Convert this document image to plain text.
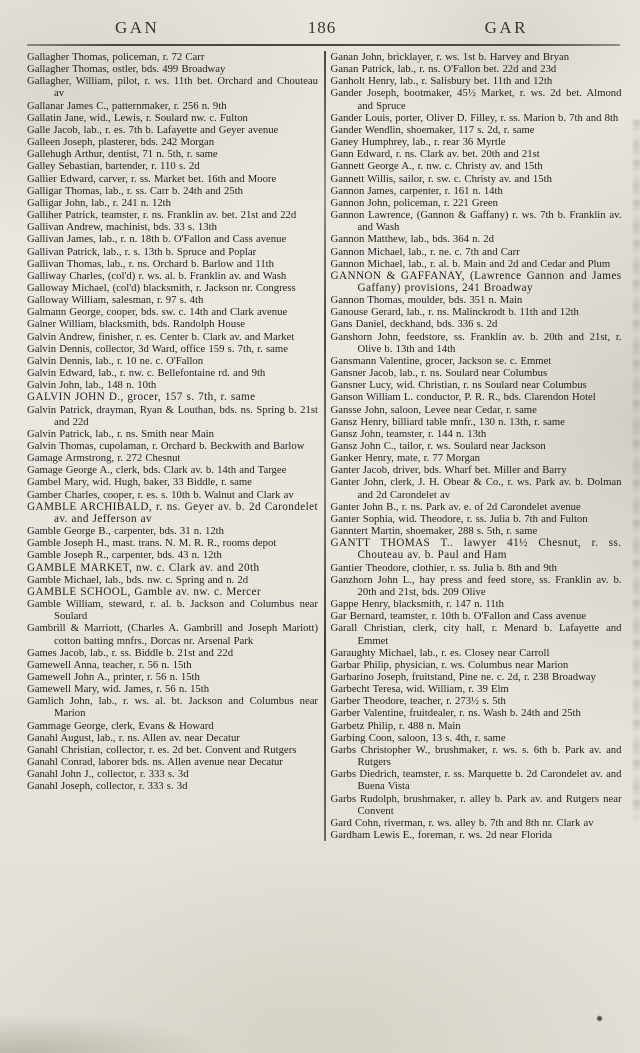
GAN	186	GAR
Gallagher Thomas, policeman, r. 72 Carr
Gallagher Thomas, ostler, bds. 499 Broadway
Gallagher, William, pilot, r. ws. 11th bet. Orchard and Chouteau av
Gallanar James C., patternmaker, r. 256 n. 9th
Gallatin Jane, wid., Lewis, r. Soulard nw. c. Fulton
Galle Jacob, lab., r. es. 7th b. Lafayette and Geyer avenue
Galleen Joseph, plasterer, bds. 242 Morgan
Gallehugh Arthur, dentist, 71 n. 5th, r. same
Galley Sebastian, bartender, r. 110 s. 2d
Gallier Edward, carver, r. ss. Market bet. 16th and Moore
Galligar Thomas, lab., r. ss. Carr b. 24th and 25th
Galligar John, lab., r. 241 n. 12th
Galliher Patrick, teamster, r. ns. Franklin av. bet. 21st and 22d
Gallivan Andrew, machinist, bds. 33 s. 13th
Gallivan James, lab., r. n. 18th b. O'Fallon and Cass avenue
Gallivan Patrick, lab., r. s. 13th b. Spruce and Poplar
Gallivan Thomas, lab., r. ns. Orchard b. Barlow and 11th
Galliway Charles, (col'd) r. ws. al. b. Franklin av. and Wash
Galloway Michael, (col'd) blacksmith, r. Jackson nr. Congress
Galloway William, salesman, r. 97 s. 4th
Galmann George, cooper, bds. sw. c. 14th and Clark avenue
Galner William, blacksmith, bds. Randolph House
Galvin Andrew, finisher, r. es. Center b. Clark av. and Market
Galvin Dennis, collector, 3d Ward, office 159 s. 7th, r. same
Galvin Dennis, lab., r. 10 ne. c. O'Fallon
Galvin Edward, lab., r. nw. c. Bellefontaine rd. and 9th
Galvin John, lab., 148 n. 10th
GALVIN JOHN D., grocer, 157 s. 7th, r. same
Galvin Patrick, drayman, Ryan & Louthan, bds. ns. Spring b. 21st and 22d
Galvin Patrick, lab., r. ns. Smith near Main
Galvin Thomas, cupolaman, r. Orchard b. Beckwith and Barlow
Gamage Armstrong, r. 272 Chesnut
Gamage George A., clerk, bds. Clark av. b. 14th and Targee
Gambel Mary, wid. Hugh, baker, 33 Biddle, r. same
Gamber Charles, cooper, r. es. s. 10th b. Walnut and Clark av
GAMBLE ARCHIBALD, r. ns. Geyer av. b. 2d Carondelet av. and Jefferson av
Gamble George B., carpenter, bds. 31 n. 12th
Gamble Joseph H., mast. trans. N. M. R. R., rooms depot
Gamble Joseph R., carpenter, bds. 43 n. 12th
GAMBLE MARKET, nw. c. Clark av. and 20th
Gamble Michael, lab., bds. nw. c. Spring and n. 2d
GAMBLE SCHOOL, Gamble av. nw. c. Mercer
Gamble William, steward, r. al. b. Jackson and Columbus near Soulard
Gambrill & Marriott, (Charles A. Gambrill and Joseph Mariott) cotton batting mnfrs., Dorcas nr. Arsenal Park
Games Jacob, lab., r. ss. Biddle b. 21st and 22d
Gamewell Anna, teacher, r. 56 n. 15th
Gamewell John A., printer, r. 56 n. 15th
Gamewell Mary, wid. James, r. 56 n. 15th
Gamlich John, lab., r. ws. al. bt. Jackson and Columbus near Marion
Gammage George, clerk, Evans & Howard
Ganahl August, lab., r. ns. Allen av. near Decatur
Ganahl Christian, collector, r. es. 2d bet. Convent and Rutgers
Ganahl Conrad, laborer bds. ns. Allen avenue near Decatur
Ganahl John J., collector, r. 333 s. 3d
Ganahl Joseph, collector, r. 333 s. 3d
Ganan John, bricklayer, r. ws. 1st b. Harvey and Bryan
Ganan Patrick, lab., r. ns. O'Fallon bet. 22d and 23d
Ganholt Henry, lab., r. Salisbury bet. 11th and 12th
Gander Joseph, bootmaker, 45½ Market, r. ws. 2d bet. Almond and Spruce
Gander Louis, porter, Oliver D. Filley, r. ss. Marion b. 7th and 8th
Gander Wendlin, shoemaker, 117 s. 2d, r. same
Ganey Humphrey, lab., r. rear 36 Myrtle
Gann Edward, r. ns. Clark av. bet. 20th and 21st
Gannett George A., r. nw. c. Christy av. and 15th
Gannett Willis, sailor, r. sw. c. Christy av. and 15th
Gannon James, carpenter, r. 161 n. 14th
Gannon John, policeman, r. 221 Green
Gannon Lawrence, (Gannon & Gaffany) r. ws. 7th b. Franklin av. and Wash
Gannon Matthew, lab., bds. 364 n. 2d
Gannon Michael, lab., r. ne. c. 7th and Carr
Gannon Michael, lab., r. al. b. Main and 2d and Cedar and Plum
GANNON & GAFFANAY, (Lawrence Gannon and James Gaffany) provisions, 241 Broadway
Gannon Thomas, moulder, bds. 351 n. Main
Ganouse Gerard, lab., r. ns. Malinckrodt b. 11th and 12th
Gans Daniel, deckhand, bds. 336 s. 2d
Ganshorn John, feedstore, ss. Franklin av. b. 20th and 21st, r. Olive b. 13th and 14th
Gansmann Valentine, grocer, Jackson se. c. Emmet
Gansner Jacob, lab., r. ns. Soulard near Columbus
Gansner Lucy, wid. Christian, r. ns Soulard near Columbus
Ganson William L. conductor, P. R. R., bds. Clarendon Hotel
Gansse John, saloon, Levee near Cedar, r. same
Gansz Henry, billiard table mnfr., 130 n. 13th, r. same
Gansz John, teamster, r. 144 n. 13th
Gansz John C., tailor, r. ws. Soulard near Jackson
Ganker Henry, mate, r. 77 Morgan
Ganter Jacob, driver, bds. Wharf bet. Miller and Barry
Ganter John, clerk, J. H. Obear & Co., r. ws. Park av. b. Dolman and 2d Carondelet av
Ganter John B., r. ns. Park av. e. of 2d Carondelet avenue
Ganter Sophia, wid. Theodore, r. ss. Julia b. 7th and Fulton
Ganntert Martin, shoemaker, 288 s. 5th, r. same
GANTT THOMAS T.. lawyer 41½ Chesnut, r. ss. Chouteau av. b. Paul and Ham
Gantier Theodore, clothier, r. ss. Julia b. 8th and 9th
Ganzhorn John L., hay press and feed store, ss. Franklin av. b. 20th and 21st, bds. 209 Olive
Gappe Henry, blacksmith, r. 147 n. 11th
Gar Bernard, teamster, r. 10th b. O'Fallon and Cass avenue
Garall Christian, clerk, city hall, r. Menard b. Lafayette and Emmet
Garaughty Michael, lab., r. es. Closey near Carroll
Garbar Philip, physician, r. ws. Columbus near Marion
Garbarino Joseph, fruitstand, Pine ne. c. 2d, r. 238 Broadway
Garbecht Teresa, wid. William, r. 39 Elm
Garber Theodore, teacher, r. 273½ s. 5th
Garber Valentine, fruitdealer, r. ns. Wash b. 24th and 25th
Garbetz Philip, r. 488 n. Main
Garbing Coon, saloon, 13 s. 4th, r. same
Garbs Christopher W., brushmaker, r. ws. s. 6th b. Park av. and Rutgers
Garbs Diedrich, teamster, r. ss. Marquette b. 2d Carondelet av. and Buena Vista
Garbs Rudolph, brushmaker, r. alley b. Park av. and Rutgers near Convent
Gard Cohn, riverman, r. ws. alley b. 7th and 8th nr. Clark av
Gardham Lewis E., foreman, r. ws. 2d near Florida
